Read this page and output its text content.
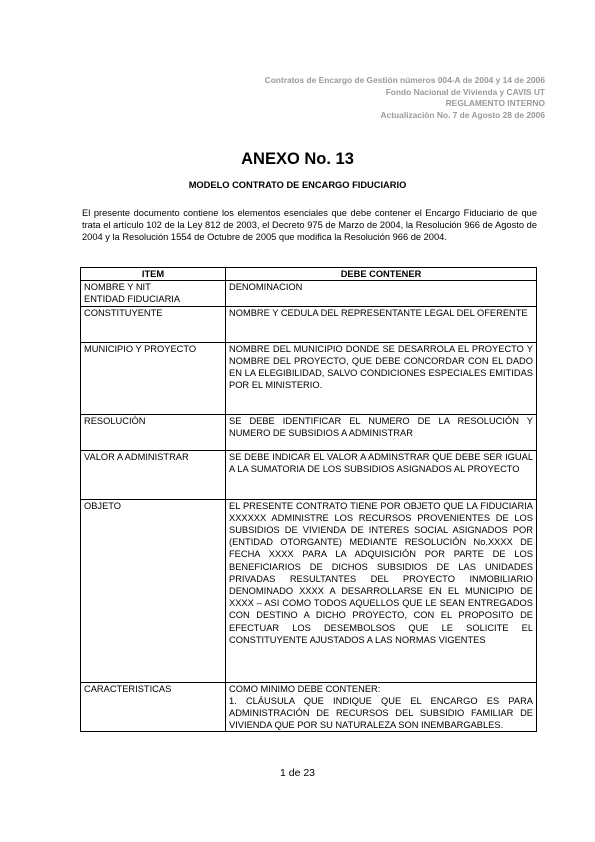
Contratos de Encargo de Gestión números 004-A de 2004 y 14 de 2006
Fondo Nacional de Vivienda y CAVIS UT
REGLAMENTO INTERNO
Actualizaciòn No. 7 de Agosto 28 de 2006
ANEXO No. 13
MODELO CONTRATO DE ENCARGO FIDUCIARIO
El presente documento contiene los elementos esenciales que debe contener el Encargo Fiduciario de que trata el artículo 102 de la Ley 812 de 2003, el Decreto 975 de Marzo de 2004, la Resolución 966 de Agosto de 2004 y la Resolución 1554 de Octubre de 2005 que modifica la Resolución 966 de 2004.
ITEM	DEBE CONTENER

NOMBRE Y NIT
ENTIDAD FIDUCIARIA	DENOMINACION
CONSTITUYENTE	NOMBRE Y CEDULA DEL REPRESENTANTE LEGAL DEL OFERENTE
MUNICIPIO Y PROYECTO	NOMBRE DEL MUNICIPIO DONDE SE DESARROLA EL PROYECTO Y NOMBRE DEL PROYECTO, QUE DEBE CONCORDAR CON EL DADO EN LA ELEGIBILIDAD, SALVO CONDICIONES ESPECIALES EMITIDAS POR EL MINISTERIO.
RESOLUCIÓN	SE DEBE IDENTIFICAR EL NUMERO DE LA RESOLUCIÓN Y NUMERO DE SUBSIDIOS A ADMINISTRAR
VALOR A ADMINISTRAR	SE DEBE INDICAR EL VALOR A ADMINSTRAR QUE DEBE SER IGUAL A LA SUMATORIA DE LOS SUBSIDIOS ASIGNADOS AL PROYECTO
OBJETO	EL PRESENTE CONTRATO TIENE POR OBJETO QUE LA FIDUCIARIA XXXXXX ADMINISTRE LOS RECURSOS PROVENIENTES DE LOS SUBSIDIOS DE VIVIENDA DE INTERES SOCIAL ASIGNADOS POR (ENTIDAD OTORGANTE) MEDIANTE RESOLUCIÓN No.XXXX DE FECHA XXXX PARA LA ADQUISICIÓN POR PARTE DE LOS BENEFICIARIOS DE DICHOS SUBSIDIOS DE LAS UNIDADES PRIVADAS RESULTANTES DEL PROYECTO INMOBILIARIO DENOMINADO XXXX A DESARROLLARSE EN EL MUNICIPIO DE XXXX – ASI COMO TODOS AQUELLOS QUE LE SEAN ENTREGADOS CON DESTINO A DICHO PROYECTO, CON EL PROPOSITO DE EFECTUAR LOS DESEMBOLSOS QUE LE SOLICITE EL CONSTITUYENTE AJUSTADOS A LAS NORMAS VIGENTES
CARACTERISTICAS	COMO MINIMO DEBE CONTENER:
1. CLÁUSULA QUE INDIQUE QUE EL ENCARGO ES PARA ADMINISTRACIÓN DE RECURSOS DEL SUBSIDIO FAMILIAR DE VIVIENDA QUE POR SU NATURALEZA SON INEMBARGABLES.
1 de 23
